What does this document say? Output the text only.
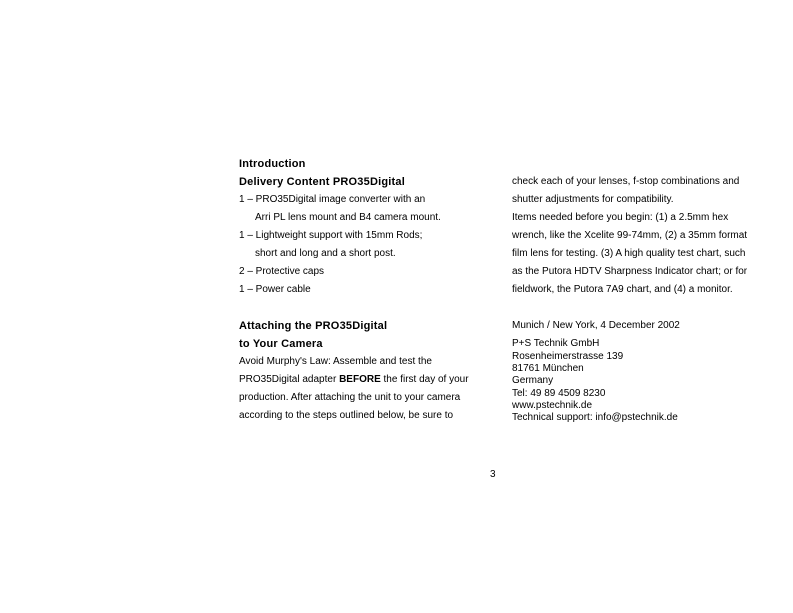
Introduction
Delivery Content PRO35Digital
1 – PRO35Digital image converter with an
Arri PL lens mount and B4 camera mount.
1 – Lightweight support with 15mm Rods;
short and long and a short post.
2 – Protective caps
1 – Power cable
Attaching the PRO35Digital
to Your Camera
Avoid Murphy's Law: Assemble and test the
PRO35Digital adapter BEFORE the first day of your
production. After attaching the unit to your camera
according to the steps outlined below, be sure to
check each of your lenses, f-stop combinations and
shutter adjustments for compatibility.
Items needed before you begin: (1) a 2.5mm hex
wrench, like the Xcelite 99-74mm, (2) a 35mm format
film lens for testing. (3) A high quality test chart, such
as the Putora HDTV Sharpness Indicator chart; or for
fieldwork, the Putora 7A9 chart, and (4) a monitor.
Munich / New York, 4 December 2002
P+S Technik GmbH
Rosenheimerstrasse 139
81761 München
Germany
Tel: 49 89 4509 8230
www.pstechnik.de
Technical support: info@pstechnik.de
3
